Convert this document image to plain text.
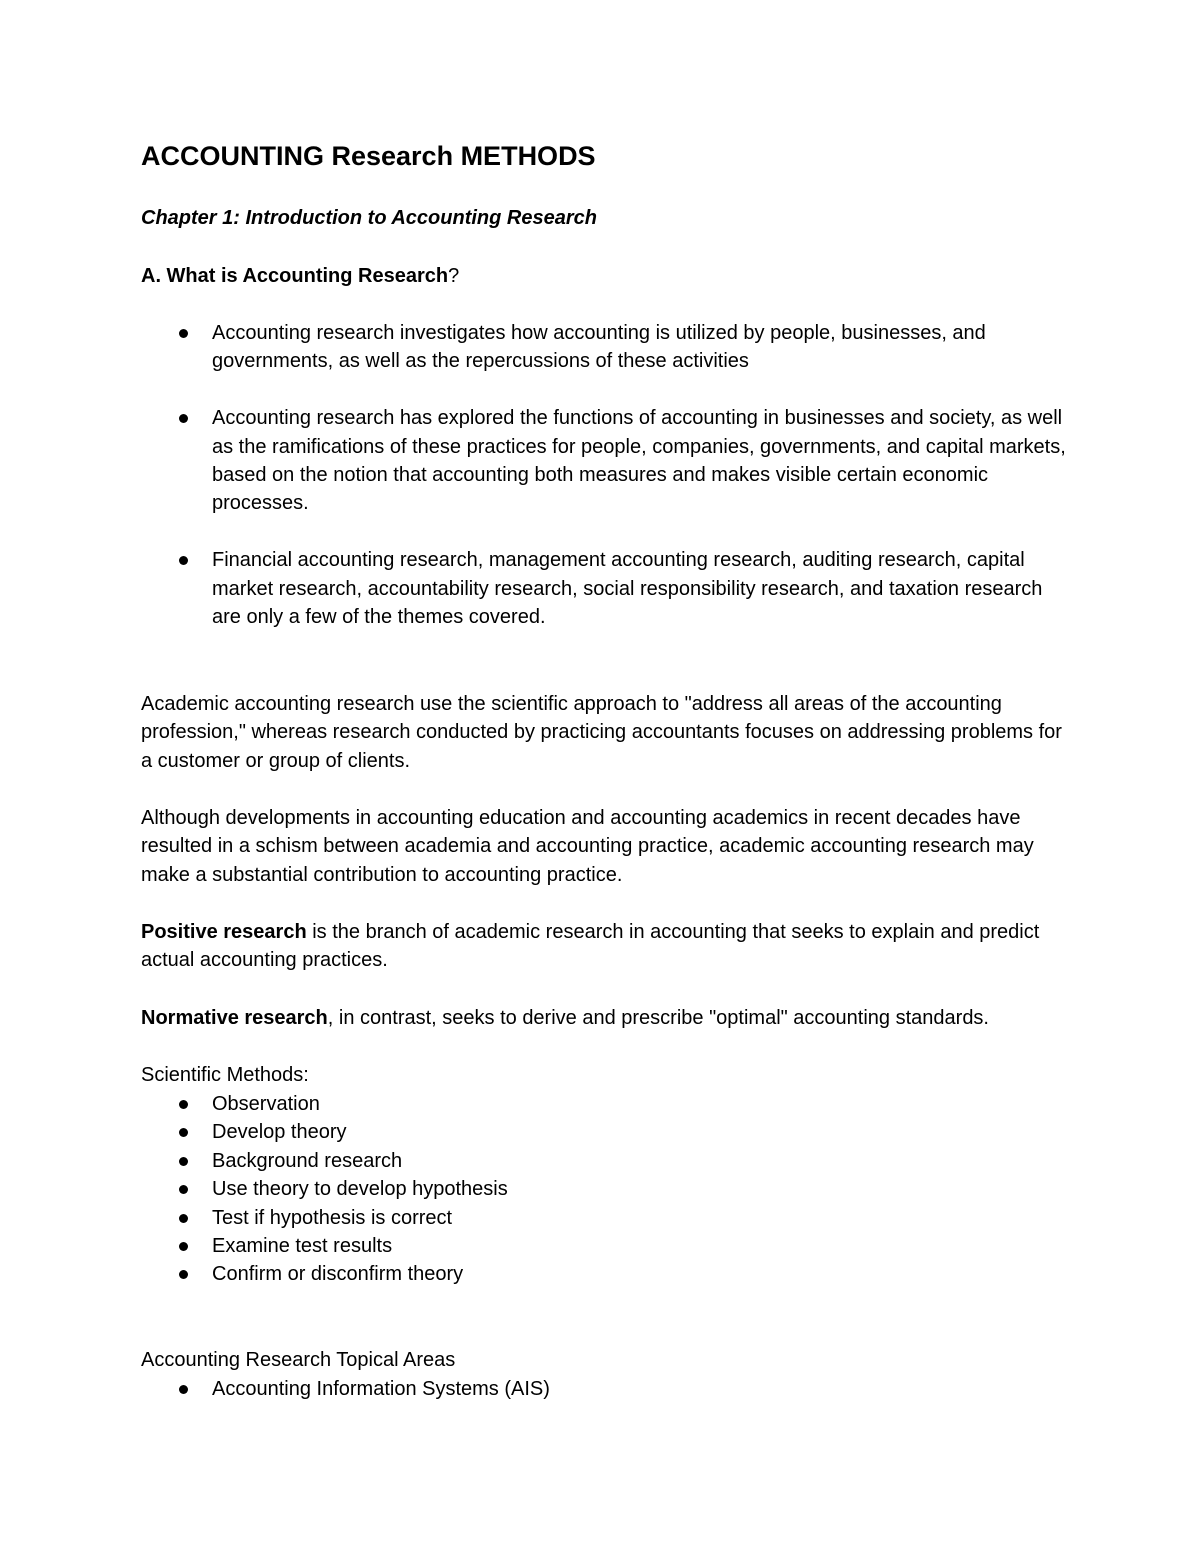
ACCOUNTING Research METHODS
Chapter 1: Introduction to Accounting Research
A. What is Accounting Research?
Accounting research investigates how accounting is utilized by people, businesses, and governments, as well as the repercussions of these activities
Accounting research has explored the functions of accounting in businesses and society, as well as the ramifications of these practices for people, companies, governments, and capital markets, based on the notion that accounting both measures and makes visible certain economic processes.
Financial accounting research, management accounting research, auditing research, capital market research, accountability research, social responsibility research, and taxation research are only a few of the themes covered.

Academic accounting research use the scientific approach to "address all areas of the accounting profession," whereas research conducted by practicing accountants focuses on addressing problems for a customer or group of clients.

Although developments in accounting education and accounting academics in recent decades have resulted in a schism between academia and accounting practice, academic accounting research may make a substantial contribution to accounting practice.

Positive research is the branch of academic research in accounting that seeks to explain and predict actual accounting practices.

Normative research, in contrast, seeks to derive and prescribe "optimal" accounting standards.

Scientific Methods:

Observation
Develop theory
Background research
Use theory to develop hypothesis
Test if hypothesis is correct
Examine test results
Confirm or disconfirm theory

Accounting Research Topical Areas

Accounting Information Systems (AIS)
